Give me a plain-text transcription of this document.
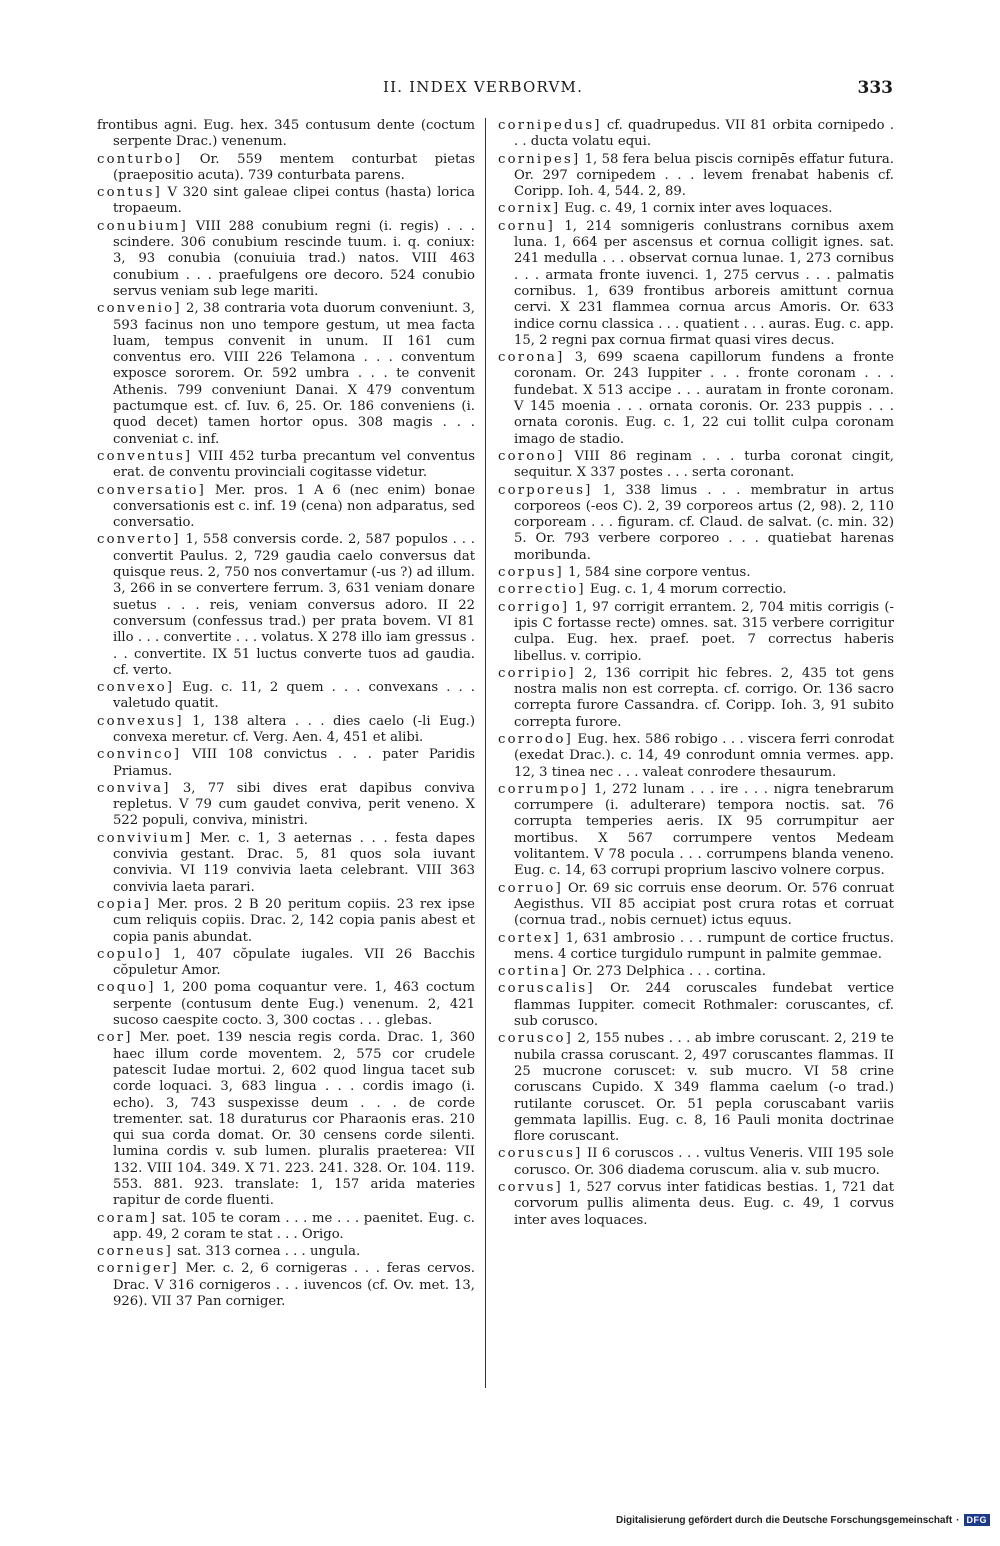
II. INDEX VERBORVM.	333

frontibus agni. Eug. hex. 345 contusum dente (coctum serpente Drac.) venenum.

conturbo] Or. 559 mentem conturbat pietas (praepositio acuta). 739 conturbata parens.

contus] V 320 sint galeae clipei contus (hasta) lorica tropaeum.

conubium] VIII 288 conubium regni (i. regis) . . . scindere. 306 conubium rescinde tuum. i. q. coniux: 3, 93 conubia (conuiuia trad.) natos. VIII 463 conubium . . . praefulgens ore decoro. 524 conubio servus veniam sub lege mariti.

convenio] 2, 38 contraria vota duorum conveniunt. 3, 593 facinus non uno tempore gestum, ut mea facta luam, tempus convenit in unum. II 161 cum conventus ero. VIII 226 Telamona . . . conventum exposce sororem. Or. 592 umbra . . . te convenit Athenis. 799 conveniunt Danai. X 479 conventum pactumque est. cf. Iuv. 6, 25. Or. 186 conveniens (i. quod decet) tamen hortor opus. 308 magis . . . conveniat c. inf.

conventus] VIII 452 turba precantum vel conventus erat. de conventu provinciali cogitasse videtur.

conversatio] Mer. pros. 1 A 6 (nec enim) bonae conversationis est c. inf. 19 (cena) non adparatus, sed conversatio.

converto] 1, 558 conversis corde. 2, 587 populos . . . convertit Paulus. 2, 729 gaudia caelo conversus dat quisque reus. 2, 750 nos convertamur (-us ?) ad illum. 3, 266 in se convertere ferrum. 3, 631 veniam donare suetus . . . reis, veniam conversus adoro. II 22 conversum (confessus trad.) per prata bovem. VI 81 illo . . . convertite . . . volatus. X 278 illo iam gressus . . . convertite. IX 51 luctus converte tuos ad gaudia. cf. verto.

convexo] Eug. c. 11, 2 quem . . . convexans . . . valetudo quatit.

convexus] 1, 138 altera . . . dies caelo (-li Eug.) convexa meretur. cf. Verg. Aen. 4, 451 et alibi.

convinco] VIII 108 convictus . . . pater Paridis Priamus.

conviva] 3, 77 sibi dives erat dapibus conviva repletus. V 79 cum gaudet conviva, perit veneno. X 522 populi, conviva, ministri.

convivium] Mer. c. 1, 3 aeternas . . . festa dapes convivia gestant. Drac. 5, 81 quos sola iuvant convivia. VI 119 convivia laeta celebrant. VIII 363 convivia laeta parari.

copia] Mer. pros. 2 B 20 peritum copiis. 23 rex ipse cum reliquis copiis. Drac. 2, 142 copia panis abest et copia panis abundat.

copulo] 1, 407 cŏpulate iugales. VII 26 Bacchis cŏpuletur Amor.

coquo] 1, 200 poma coquantur vere. 1, 463 coctum serpente (contusum dente Eug.) venenum. 2, 421 sucoso caespite cocto. 3, 300 coctas . . . glebas.

cor] Mer. poet. 139 nescia regis corda. Drac. 1, 360 haec illum corde moventem. 2, 575 cor crudele patescit Iudae mortui. 2, 602 quod lingua tacet sub corde loquaci. 3, 683 lingua . . . cordis imago (i. echo). 3, 743 suspexisse deum . . . de corde trementer. sat. 18 duraturus cor Pharaonis eras. 210 qui sua corda domat. Or. 30 censens corde silenti. lumina cordis v. sub lumen. pluralis praeterea: VII 132. VIII 104. 349. X 71. 223. 241. 328. Or. 104. 119. 553. 881. 923. translate: 1, 157 arida materies rapitur de corde fluenti.

coram] sat. 105 te coram . . . me . . . paenitet. Eug. c. app. 49, 2 coram te stat . . . Origo.

corneus] sat. 313 cornea . . . ungula.

corniger] Mer. c. 2, 6 cornigeras . . . feras cervos. Drac. V 316 cornigeros . . . iuvencos (cf. Ov. met. 13, 926). VII 37 Pan corniger.

cornipedus] cf. quadrupedus. VII 81 orbita cornipedo . . . ducta volatu equi.

cornipes] 1, 58 fera belua piscis cornipēs effatur futura. Or. 297 cornipedem . . . levem frenabat habenis cf. Coripp. Ioh. 4, 544. 2, 89.

cornix] Eug. c. 49, 1 cornix inter aves loquaces.

cornu] 1, 214 somnigeris conlustrans cornibus axem luna. 1, 664 per ascensus et cornua colligit ignes. sat. 241 medulla . . . observat cornua lunae. 1, 273 cornibus . . . armata fronte iuvenci. 1, 275 cervus . . . palmatis cornibus. 1, 639 frontibus arboreis amittunt cornua cervi. X 231 flammea cornua arcus Amoris. Or. 633 indice cornu classica . . . quatient . . . auras. Eug. c. app. 15, 2 regni pax cornua firmat quasi vires decus.

corona] 3, 699 scaena capillorum fundens a fronte coronam. Or. 243 Iuppiter . . . fronte coronam . . . fundebat. X 513 accipe . . . auratam in fronte coronam. V 145 moenia . . . ornata coronis. Or. 233 puppis . . . ornata coronis. Eug. c. 1, 22 cui tollit culpa coronam imago de stadio.

corono] VIII 86 reginam . . . turba coronat cingit, sequitur. X 337 postes . . . serta coronant.

corporeus] 1, 338 limus . . . membratur in artus corporeos (-eos C). 2, 39 corporeos artus (2, 98). 2, 110 corpoream . . . figuram. cf. Claud. de salvat. (c. min. 32) 5. Or. 793 verbere corporeo . . . quatiebat harenas moribunda.

corpus] 1, 584 sine corpore ventus.

correctio] Eug. c. 1, 4 morum correctio.

corrigo] 1, 97 corrigit errantem. 2, 704 mitis corrigis (-ipis C fortasse recte) omnes. sat. 315 verbere corrigitur culpa. Eug. hex. praef. poet. 7 correctus haberis libellus. v. corripio.

corripio] 2, 136 corripit hic febres. 2, 435 tot gens nostra malis non est correpta. cf. corrigo. Or. 136 sacro correpta furore Cassandra. cf. Coripp. Ioh. 3, 91 subito correpta furore.

corrodo] Eug. hex. 586 robigo . . . viscera ferri conrodat (exedat Drac.). c. 14, 49 conrodunt omnia vermes. app. 12, 3 tinea nec . . . valeat conrodere thesaurum.

corrumpo] 1, 272 lunam . . . ire . . . nigra tenebrarum corrumpere (i. adulterare) tempora noctis. sat. 76 corrupta temperies aeris. IX 95 corrumpitur aer mortibus. X 567 corrumpere ventos Medeam volitantem. V 78 pocula . . . corrumpens blanda veneno. Eug. c. 14, 63 corrupi proprium lascivo volnere corpus.

corruo] Or. 69 sic corruis ense deorum. Or. 576 conruat Aegisthus. VII 85 accipiat post crura rotas et corruat (cornua trad., nobis cernuet) ictus equus.

cortex] 1, 631 ambrosio . . . rumpunt de cortice fructus. mens. 4 cortice turgidulo rumpunt in palmite gemmae.

cortina] Or. 273 Delphica . . . cortina.

coruscalis] Or. 244 coruscales fundebat vertice flammas Iuppiter. comecit Rothmaler: coruscantes, cf. sub corusco.

corusco] 2, 155 nubes . . . ab imbre coruscant. 2, 219 te nubila crassa coruscant. 2, 497 coruscantes flammas. II 25 mucrone coruscet: v. sub mucro. VI 58 crine coruscans Cupido. X 349 flamma caelum (-o trad.) rutilante coruscet. Or. 51 pepla coruscabant variis gemmata lapillis. Eug. c. 8, 16 Pauli monita doctrinae flore coruscant.

coruscus] II 6 coruscos . . . vultus Veneris. VIII 195 sole corusco. Or. 306 diadema coruscum. alia v. sub mucro.

corvus] 1, 527 corvus inter fatidicas bestias. 1, 721 dat corvorum pullis alimenta deus. Eug. c. 49, 1 corvus inter aves loquaces.

Digitalisierung gefördert durch die Deutsche Forschungsgemeinschaft · DFG
